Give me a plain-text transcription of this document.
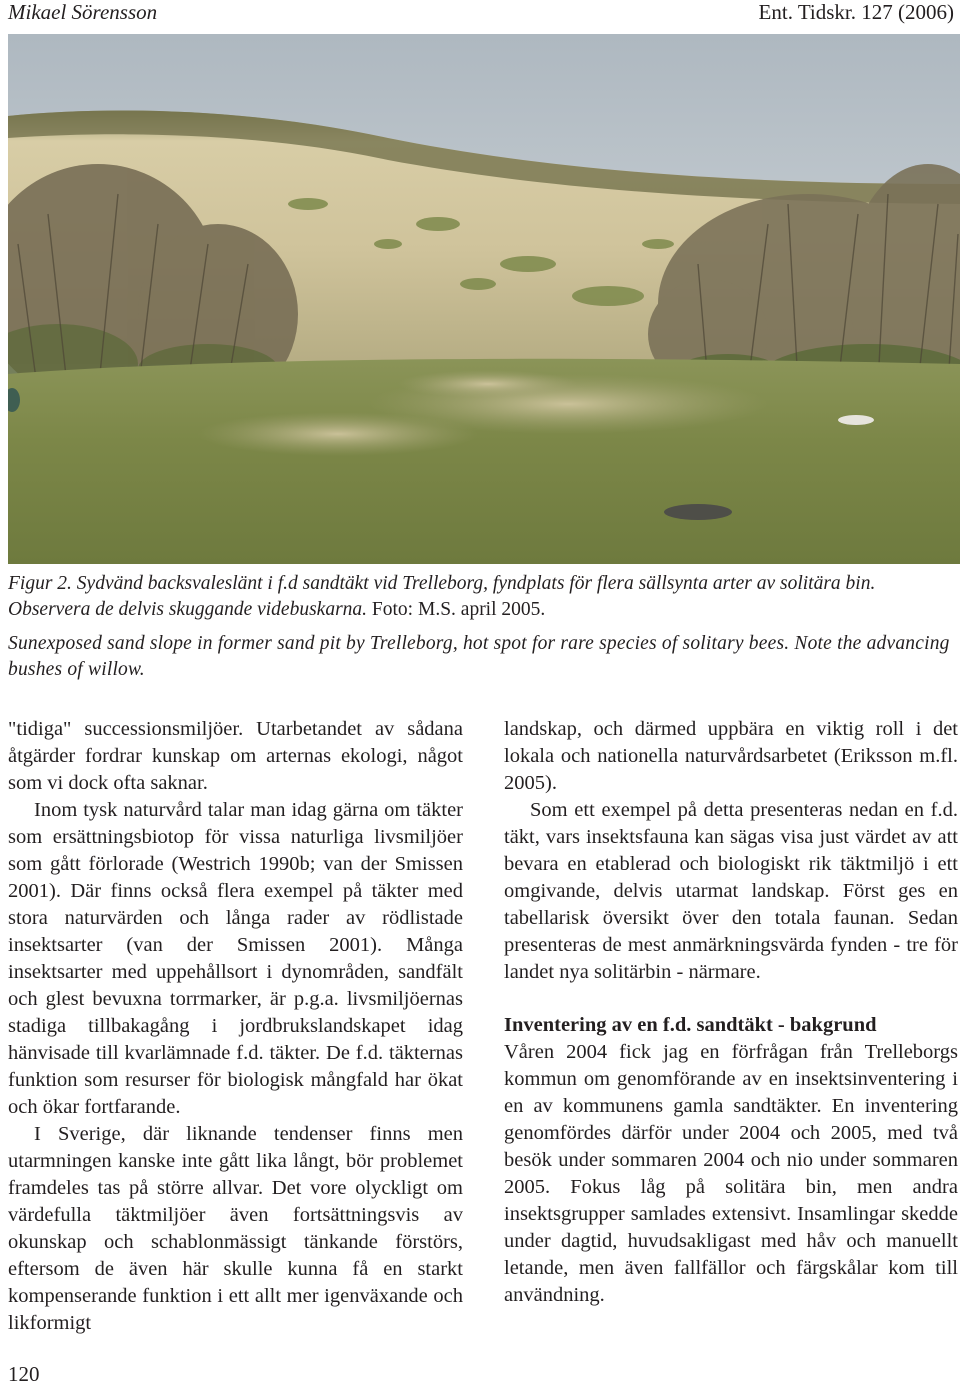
Mikael Sörensson	Ent. Tidskr. 127 (2006)

Figur 2. Sydvänd backsvaleslänt i f.d sandtäkt vid Trelleborg, fyndplats för flera sällsynta arter av solitära bin. Observera de delvis skuggande videbuskarna. Foto: M.S. april 2005.

Sunexposed sand slope in former sand pit by Trelleborg, hot spot for rare species of solitary bees. Note the advancing bushes of willow.

"tidiga" successionsmiljöer. Utarbetandet av sådana åtgärder fordrar kunskap om arternas ekologi, något som vi dock ofta saknar.

Inom tysk naturvård talar man idag gärna om täkter som ersättningsbiotop för vissa naturliga livsmiljöer som gått förlorade (Westrich 1990b; van der Smissen 2001). Där finns också flera exempel på täkter med stora naturvärden och långa rader av rödlistade insektsarter (van der Smissen 2001). Många insektsarter med uppehållsort i dynområden, sandfält och glest bevuxna torrmarker, är p.g.a. livsmiljöernas stadiga tillbakagång i jordbrukslandskapet idag hänvisade till kvarlämnade f.d. täkter. De f.d. täkternas funktion som resurser för biologisk mångfald har ökat och ökar fortfarande.

I Sverige, där liknande tendenser finns men utarmningen kanske inte gått lika långt, bör problemet framdeles tas på större allvar. Det vore olyckligt om värdefulla täktmiljöer även fortsättningsvis av okunskap och schablonmässigt tänkande förstörs, eftersom de även här skulle kunna få en starkt kompenserande funktion i ett allt mer igenväxande och likformigt

landskap, och därmed uppbära en viktig roll i det lokala och nationella naturvårdsarbetet (Eriksson m.fl. 2005).

Som ett exempel på detta presenteras nedan en f.d. täkt, vars insektsfauna kan sägas visa just värdet av att bevara en etablerad och biologiskt rik täktmiljö i ett omgivande, delvis utarmat landskap. Först ges en tabellarisk översikt över den totala faunan. Sedan presenteras de mest anmärkningsvärda fynden - tre för landet nya solitärbin - närmare.

Inventering av en f.d. sandtäkt - bakgrund

Våren 2004 fick jag en förfrågan från Trelleborgs kommun om genomförande av en insektsinventering i en av kommunens gamla sandtäkter. En inventering genomfördes därför under 2004 och 2005, med två besök under sommaren 2004 och nio under sommaren 2005. Fokus låg på solitära bin, men andra insektsgrupper samlades extensivt. Insamlingar skedde under dagtid, huvudsakligast med håv och manuellt letande, men även fallfällor och färgskålar kom till användning.

120
